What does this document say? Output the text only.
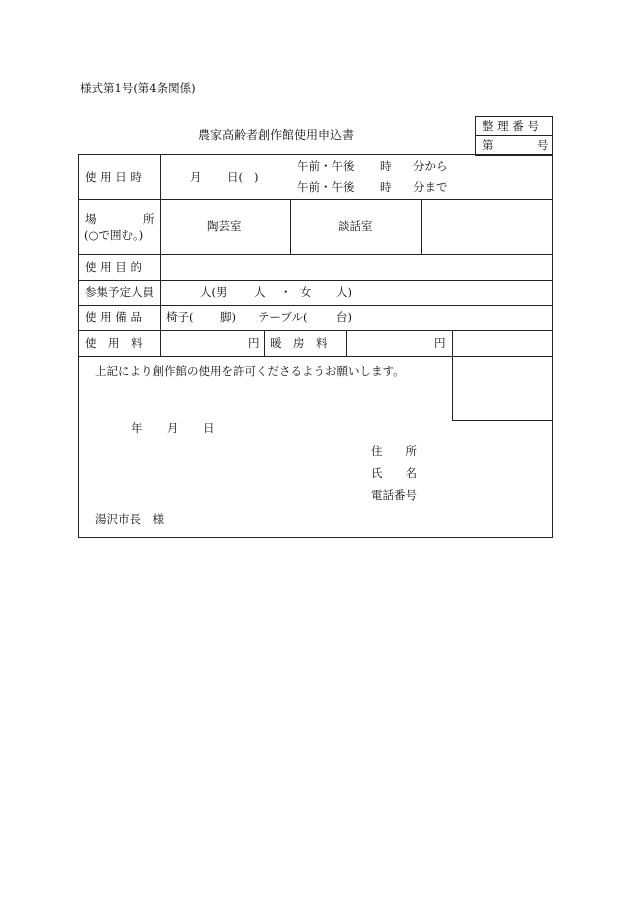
様式第1号(第4条関係)
農家高齢者創作館使用申込書
整 理 番 号
第	号
使 用 日 時	月 日( )
午前・午後 時 分から
午前・午後 時 分まで
場	所
(○で囲む。)
陶芸室	談話室
使 用 目 的
参集予定人員	人(男 人 ・ 女 人)
使 用 備 品 椅子( 脚) テーブル( 台)
使　用　料	円 暖　房　料	円
上記により創作館の使用を許可くださるようお願いします。
年 月 日
住　　所
氏　　名
電話番号
湯沢市長　様
